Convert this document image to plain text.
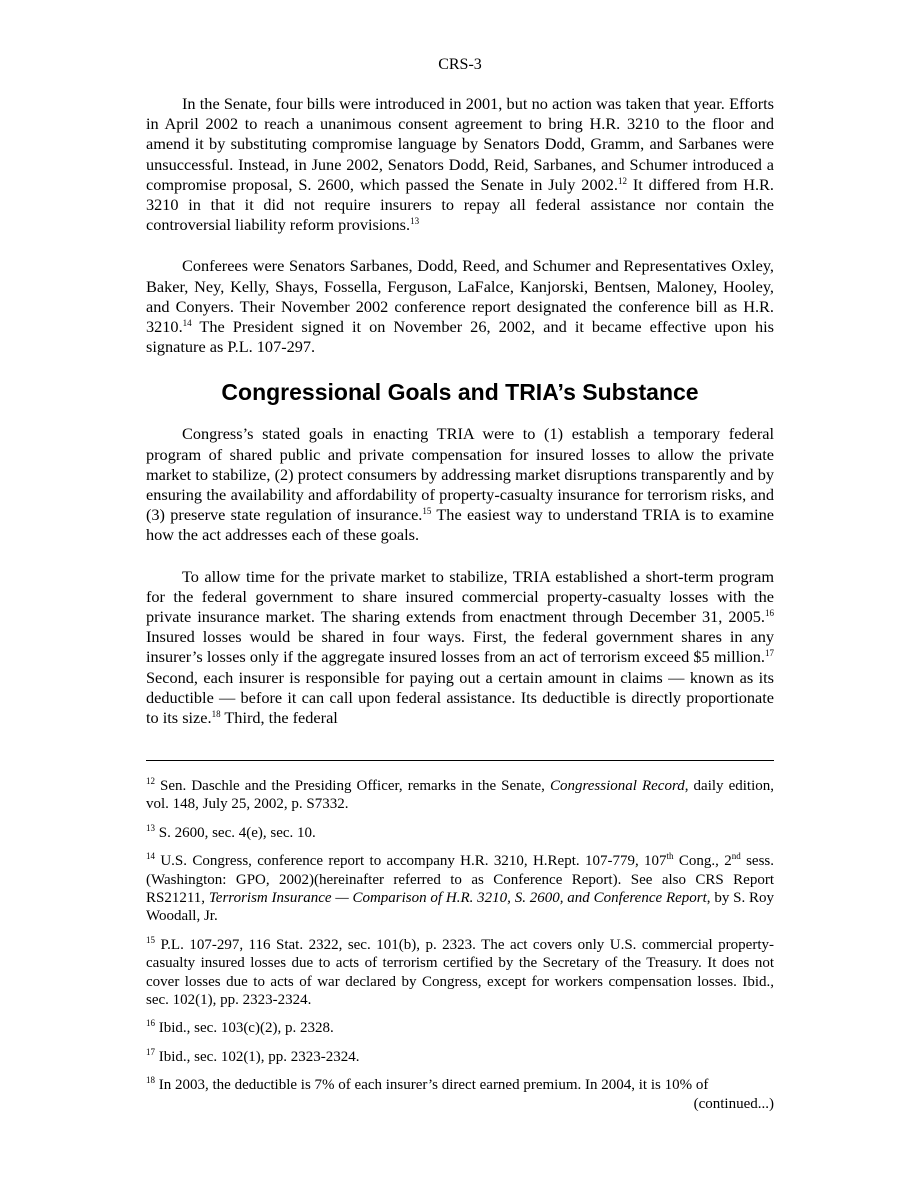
CRS-3

In the Senate, four bills were introduced in 2001, but no action was taken that year. Efforts in April 2002 to reach a unanimous consent agreement to bring H.R. 3210 to the floor and amend it by substituting compromise language by Senators Dodd, Gramm, and Sarbanes were unsuccessful. Instead, in June 2002, Senators Dodd, Reid, Sarbanes, and Schumer introduced a compromise proposal, S. 2600, which passed the Senate in July 2002.12 It differed from H.R. 3210 in that it did not require insurers to repay all federal assistance nor contain the controversial liability reform provisions.$^{13}$

Conferees were Senators Sarbanes, Dodd, Reed, and Schumer and Representatives Oxley, Baker, Ney, Kelly, Shays, Fossella, Ferguson, LaFalce, Kanjorski, Bentsen, Maloney, Hooley, and Conyers. Their November 2002 conference report designated the conference bill as H.R. 3210.14 The President signed it on November 26, 2002, and it became effective upon his signature as P.L. 107-297.

Congressional Goals and TRIA’s Substance

Congress’s stated goals in enacting TRIA were to (1) establish a temporary federal program of shared public and private compensation for insured losses to allow the private market to stabilize, (2) protect consumers by addressing market disruptions transparently and by ensuring the availability and affordability of property-casualty insurance for terrorism risks, and (3) preserve state regulation of insurance.$^{15}$ The easiest way to understand TRIA is to examine how the act addresses each of these goals.

To allow time for the private market to stabilize, TRIA established a short-term program for the federal government to share insured commercial property-casualty losses with the private insurance market. The sharing extends from enactment through December 31, 2005.16 Insured losses would be shared in four ways. First, the federal government shares in any insurer’s losses only if the aggregate insured losses from an act of terrorism exceed $5 million.$^{17}$ Second, each insurer is responsible for paying out a certain amount in claims — known as its deductible — before it can call upon federal assistance. Its deductible is directly proportionate to its size.$^{18}$ Third, the federal

$^{12}$ Sen. Daschle and the Presiding Officer, remarks in the Senate, Congressional Record, daily edition, vol. 148, July 25, 2002, p. S7332.
$^{13}$ S. 2600, sec. 4(e), sec. 10.
$^{14}$ U.S. Congress, conference report to accompany H.R. 3210, H.Rept. 107-779, 107th Cong., 2nd sess. (Washington: GPO, 2002)(hereinafter referred to as Conference Report). See also CRS Report RS21211, Terrorism Insurance — Comparison of H.R. 3210, S. 2600, and Conference Report, by S. Roy Woodall, Jr.
$^{15}$ P.L. 107-297, 116 Stat. 2322, sec. 101(b), p. 2323. The act covers only U.S. commercial property-casualty insured losses due to acts of terrorism certified by the Secretary of the Treasury. It does not cover losses due to acts of war declared by Congress, except for workers compensation losses. Ibid., sec. 102(1), pp. 2323-2324.
$^{16}$ Ibid., sec. 103(c)(2), p. 2328.
$^{17}$ Ibid., sec. 102(1), pp. 2323-2324.
$^{18}$ In 2003, the deductible is 7% of each insurer’s direct earned premium. In 2004, it is 10% of
(continued...)
